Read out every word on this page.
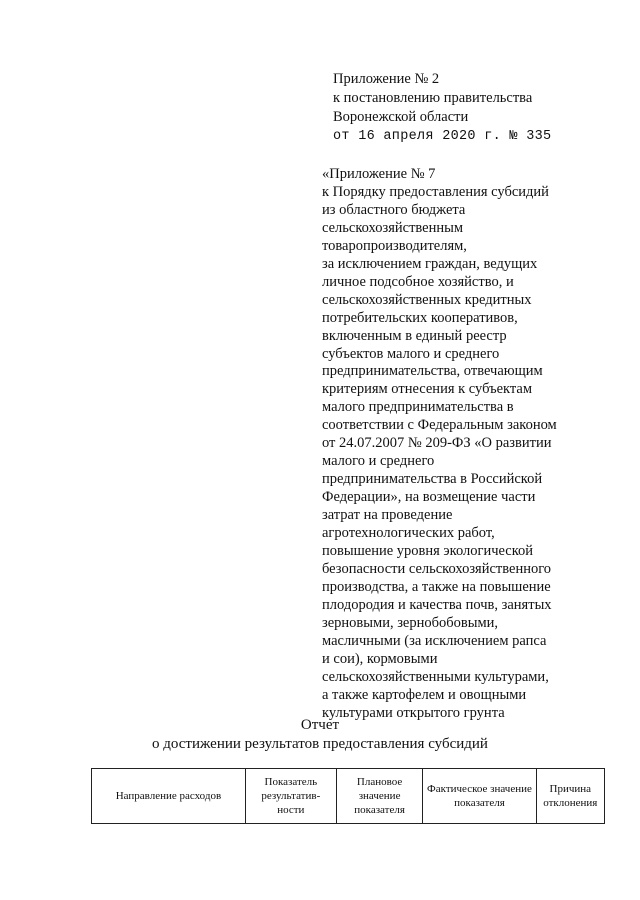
Приложение № 2
к постановлению правительства
Воронежской области
от 16 апреля 2020 г. № 335
«Приложение № 7
к Порядку предоставления субсидий
из областного бюджета
сельскохозяйственным
товаропроизводителям,
за исключением граждан, ведущих
личное подсобное хозяйство, и
сельскохозяйственных кредитных
потребительских кооперативов,
включенным в единый реестр
субъектов малого и среднего
предпринимательства, отвечающим
критериям отнесения к субъектам
малого предпринимательства в
соответствии с Федеральным законом
от 24.07.2007 № 209-ФЗ «О развитии
малого и среднего
предпринимательства в Российской
Федерации», на возмещение части
затрат на проведение
агротехнологических работ,
повышение уровня экологической
безопасности сельскохозяйственного
производства, а также на повышение
плодородия и качества почв, занятых
зерновыми, зернобобовыми,
масличными (за исключением рапса
и сои), кормовыми
сельскохозяйственными культурами,
а также картофелем и овощными
культурами открытого грунта
Отчет
о достижении результатов предоставления субсидий
Направление расходов	Показатель результатив-ности	Плановое значение показателя	Фактическое значение показателя	Причина отклонения
